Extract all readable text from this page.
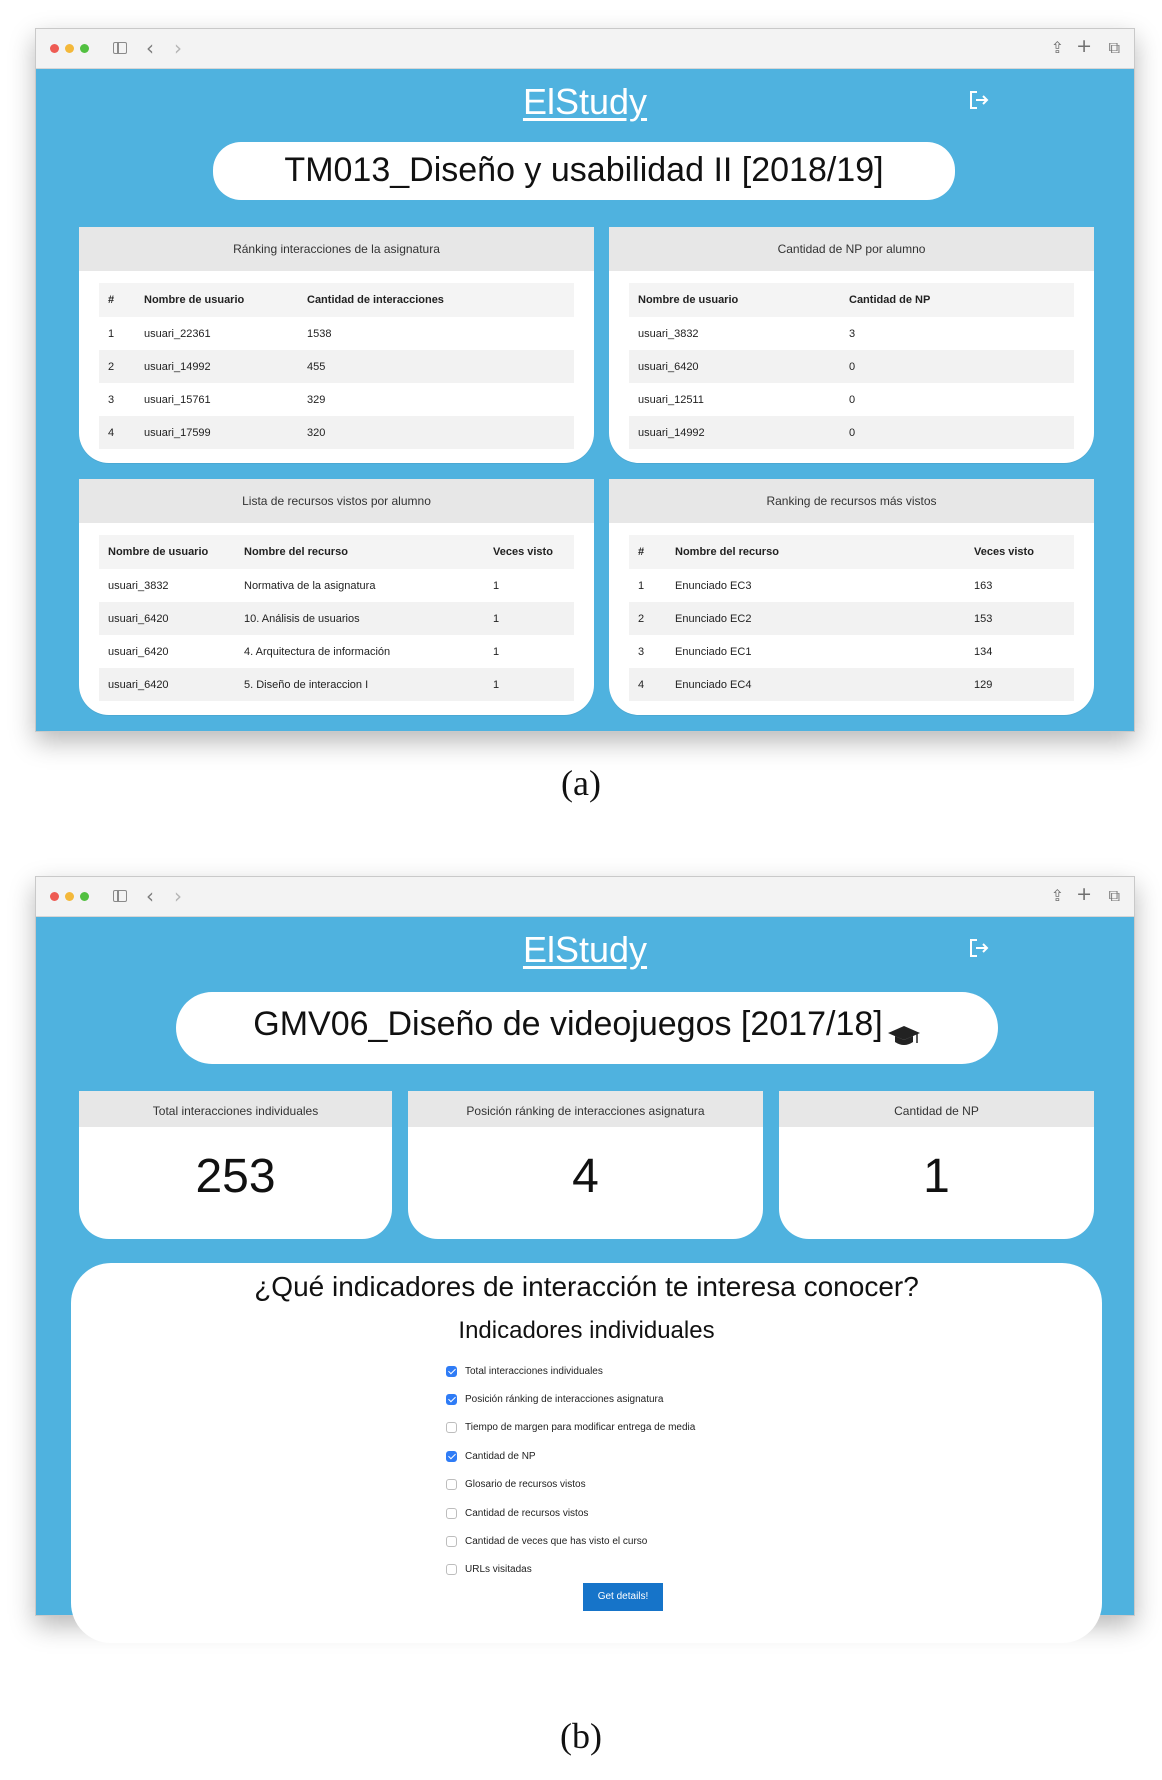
‹ ›	⇪ + ⧉
ElStudy
TM013_Diseño y usabilidad II [2018/19]
Ránking interacciones de la asignatura
#	Nombre de usuario	Cantidad de interacciones
1	usuari_22361	1538
2	usuari_14992	455
3	usuari_15761	329
4	usuari_17599	320
Cantidad de NP por alumno
Nombre de usuario	Cantidad de NP
usuari_3832	3
usuari_6420	0
usuari_12511	0
usuari_14992	0
Lista de recursos vistos por alumno
Nombre de usuario	Nombre del recurso	Veces visto
usuari_3832	Normativa de la asignatura	1
usuari_6420	10. Análisis de usuarios	1
usuari_6420	4. Arquitectura de información	1
usuari_6420	5. Diseño de interaccion I	1
Ranking de recursos más vistos
#	Nombre del recurso	Veces visto
1	Enunciado EC3	163
2	Enunciado EC2	153
3	Enunciado EC1	134
4	Enunciado EC4	129
(a)
‹ ›	⇪ + ⧉
ElStudy
GMV06_Diseño de videojuegos [2017/18]
Total interacciones individuales
253
Posición ránking de interacciones asignatura
4
Cantidad de NP
1
¿Qué indicadores de interacción te interesa conocer?
Indicadores individuales
Total interacciones individuales
Posición ránking de interacciones asignatura
Tiempo de margen para modificar entrega de media
Cantidad de NP
Glosario de recursos vistos
Cantidad de recursos vistos
Cantidad de veces que has visto el curso
URLs visitadas
Get details!
(b)
